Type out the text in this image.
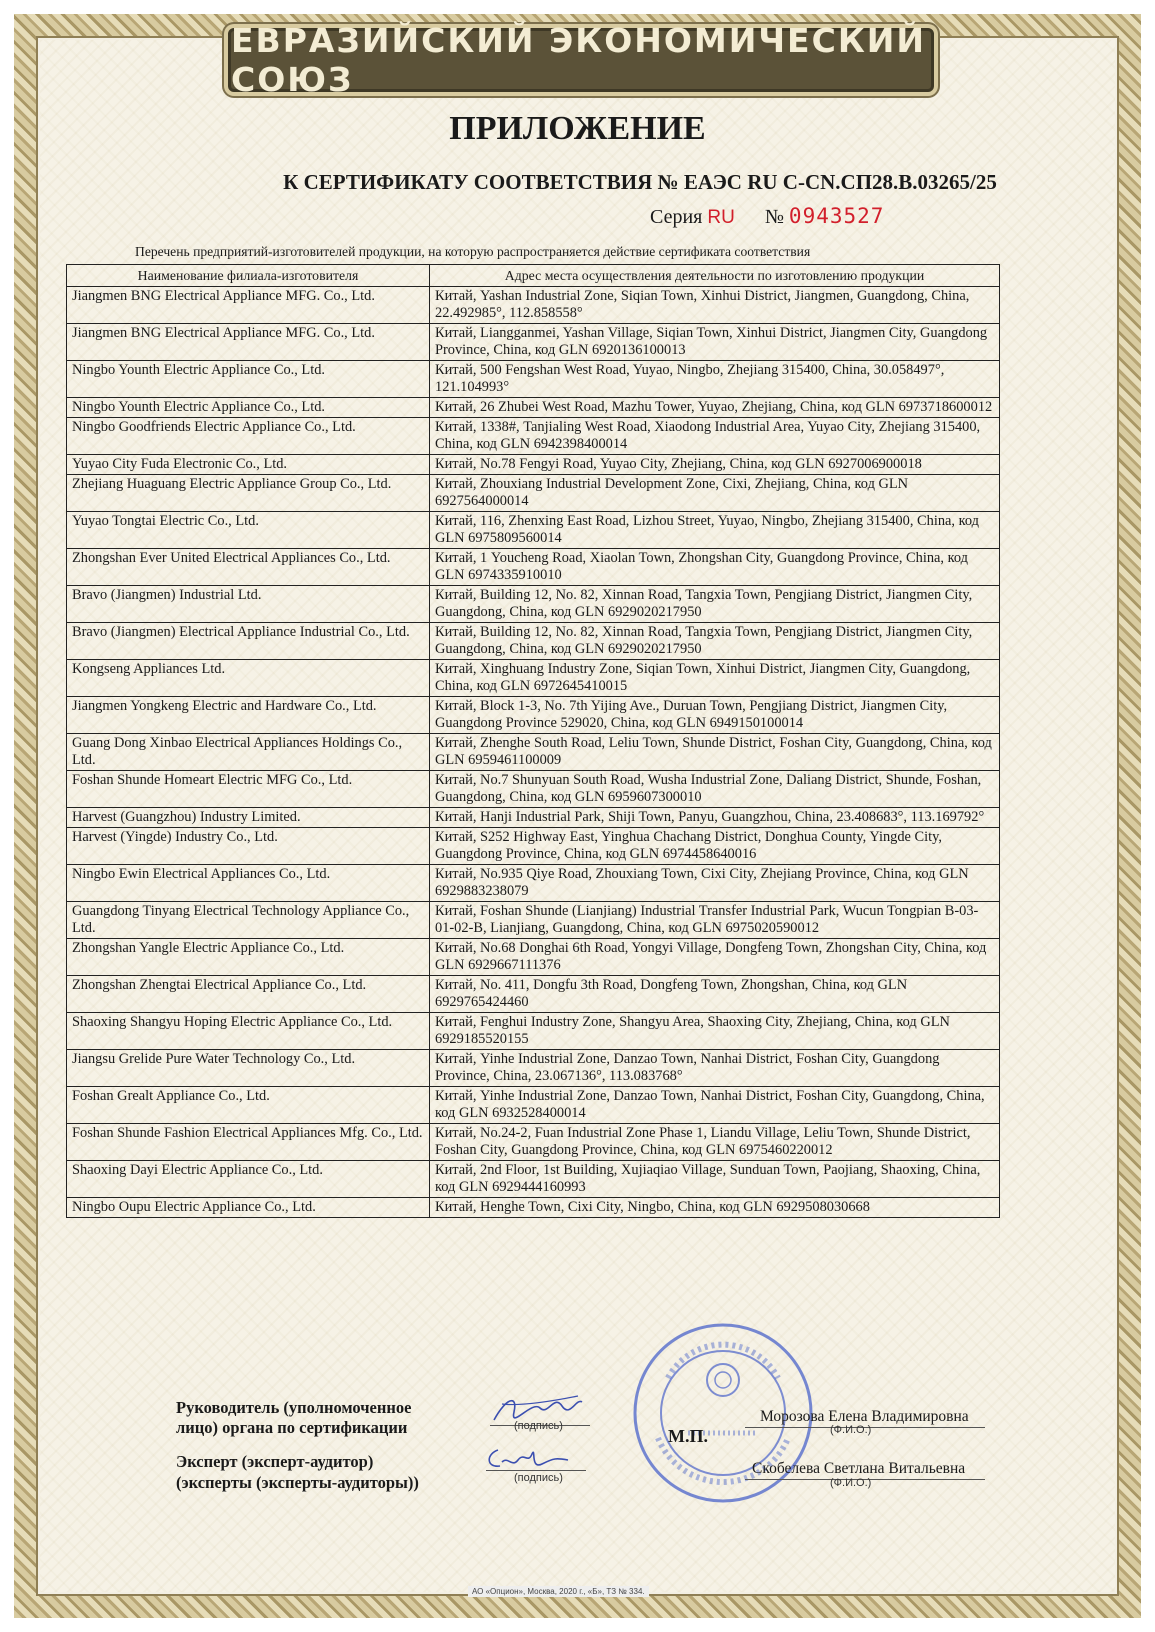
ЕВРАЗИЙСКИЙ ЭКОНОМИЧЕСКИЙ СОЮЗ
ПРИЛОЖЕНИЕ
К СЕРТИФИКАТУ СООТВЕТСТВИЯ № ЕАЭС RU С-CN.СП28.В.03265/25
Серия RU № 0943527
Перечень предприятий-изготовителей продукции, на которую распространяется действие сертификата соответствия
Наименование филиала-изготовителя	Адрес места осуществления деятельности по изготовлению продукции
Jiangmen BNG Electrical Appliance MFG. Co., Ltd.	Китай, Yashan Industrial Zone, Siqian Town, Xinhui District, Jiangmen, Guangdong, China, 22.492985°, 112.858558°
Jiangmen BNG Electrical Appliance MFG. Co., Ltd.	Китай, Liangganmei, Yashan Village, Siqian Town, Xinhui District, Jiangmen City, Guangdong Province, China, код GLN 6920136100013
Ningbo Younth Electric Appliance Co., Ltd.	Китай, 500 Fengshan West Road, Yuyao, Ningbo, Zhejiang 315400, China, 30.058497°, 121.104993°
Ningbo Younth Electric Appliance Co., Ltd.	Китай, 26 Zhubei West Road, Mazhu Tower, Yuyao, Zhejiang, China, код GLN 6973718600012
Ningbo Goodfriends Electric Appliance Co., Ltd.	Китай, 1338#, Tanjialing West Road, Xiaodong Industrial Area, Yuyao City, Zhejiang 315400, China, код GLN 6942398400014
Yuyao City Fuda Electronic Co., Ltd.	Китай, No.78 Fengyi Road, Yuyao City, Zhejiang, China, код GLN 6927006900018
Zhejiang Huaguang Electric Appliance Group Co., Ltd.	Китай, Zhouxiang Industrial Development Zone, Cixi, Zhejiang, China, код GLN 6927564000014
Yuyao Tongtai Electric Co., Ltd.	Китай, 116, Zhenxing East Road, Lizhou Street, Yuyao, Ningbo, Zhejiang 315400, China, код GLN 6975809560014
Zhongshan Ever United Electrical Appliances Co., Ltd.	Китай, 1 Youcheng Road, Xiaolan Town, Zhongshan City, Guangdong Province, China, код GLN 6974335910010
Bravo (Jiangmen) Industrial Ltd.	Китай, Building 12, No. 82, Xinnan Road, Tangxia Town, Pengjiang District, Jiangmen City, Guangdong, China, код GLN 6929020217950
Bravo (Jiangmen) Electrical Appliance Industrial Co., Ltd.	Китай, Building 12, No. 82, Xinnan Road, Tangxia Town, Pengjiang District, Jiangmen City, Guangdong, China, код GLN 6929020217950
Kongseng Appliances Ltd.	Китай, Xinghuang Industry Zone, Siqian Town, Xinhui District, Jiangmen City, Guangdong, China, код GLN 6972645410015
Jiangmen Yongkeng Electric and Hardware Co., Ltd.	Китай, Block 1-3, No. 7th Yijing Ave., Duruan Town, Pengjiang District, Jiangmen City, Guangdong Province 529020, China, код GLN 6949150100014
Guang Dong Xinbao Electrical Appliances Holdings Co., Ltd.	Китай, Zhenghe South Road, Leliu Town, Shunde District, Foshan City, Guangdong, China, код GLN 6959461100009
Foshan Shunde Homeart Electric MFG Co., Ltd.	Китай, No.7 Shunyuan South Road, Wusha Industrial Zone, Daliang District, Shunde, Foshan, Guangdong, China, код GLN 6959607300010
Harvest (Guangzhou) Industry Limited.	Китай, Hanji Industrial Park, Shiji Town, Panyu, Guangzhou, China, 23.408683°, 113.169792°
Harvest (Yingde) Industry Co., Ltd.	Китай, S252 Highway East, Yinghua Chachang District, Donghua County, Yingde City, Guangdong Province, China, код GLN 6974458640016
Ningbo Ewin Electrical Appliances Co., Ltd.	Китай, No.935 Qiye Road, Zhouxiang Town, Cixi City, Zhejiang Province, China, код GLN 6929883238079
Guangdong Tinyang Electrical Technology Appliance Co., Ltd.	Китай, Foshan Shunde (Lianjiang) Industrial Transfer Industrial Park, Wucun Tongpian B-03-01-02-B, Lianjiang, Guangdong, China, код GLN 6975020590012
Zhongshan Yangle Electric Appliance Co., Ltd.	Китай, No.68 Donghai 6th Road, Yongyi Village, Dongfeng Town, Zhongshan City, China, код GLN 6929667111376
Zhongshan Zhengtai Electrical Appliance Co., Ltd.	Китай, No. 411, Dongfu 3th Road, Dongfeng Town, Zhongshan, China, код GLN 6929765424460
Shaoxing Shangyu Hoping Electric Appliance Co., Ltd.	Китай, Fenghui Industry Zone, Shangyu Area, Shaoxing City, Zhejiang, China, код GLN 6929185520155
Jiangsu Grelide Pure Water Technology Co., Ltd.	Китай, Yinhe Industrial Zone, Danzao Town, Nanhai District, Foshan City, Guangdong Province, China, 23.067136°, 113.083768°
Foshan Grealt Appliance Co., Ltd.	Китай, Yinhe Industrial Zone, Danzao Town, Nanhai District, Foshan City, Guangdong, China, код GLN 6932528400014
Foshan Shunde Fashion Electrical Appliances Mfg. Co., Ltd.	Китай, No.24-2, Fuan Industrial Zone Phase 1, Liandu Village, Leliu Town, Shunde District, Foshan City, Guangdong Province, China, код GLN 6975460220012
Shaoxing Dayi Electric Appliance Co., Ltd.	Китай, 2nd Floor, 1st Building, Xujiaqiao Village, Sunduan Town, Paojiang, Shaoxing, China, код GLN 6929444160993
Ningbo Oupu Electric Appliance Co., Ltd.	Китай, Henghe Town, Cixi City, Ningbo, China, код GLN 6929508030668
Руководитель (уполномоченное
лицо) органа по сертификации	(подпись)
Эксперт (эксперт-аудитор)
(эксперты (эксперты-аудиторы))	(подпись)
М.П.
Морозова Елена Владимировна
(Ф.И.О.)
Скобелева Светлана Витальевна
(Ф.И.О.)
АО «Опцион», Москва, 2020 г., «Б», ТЗ № 334.
